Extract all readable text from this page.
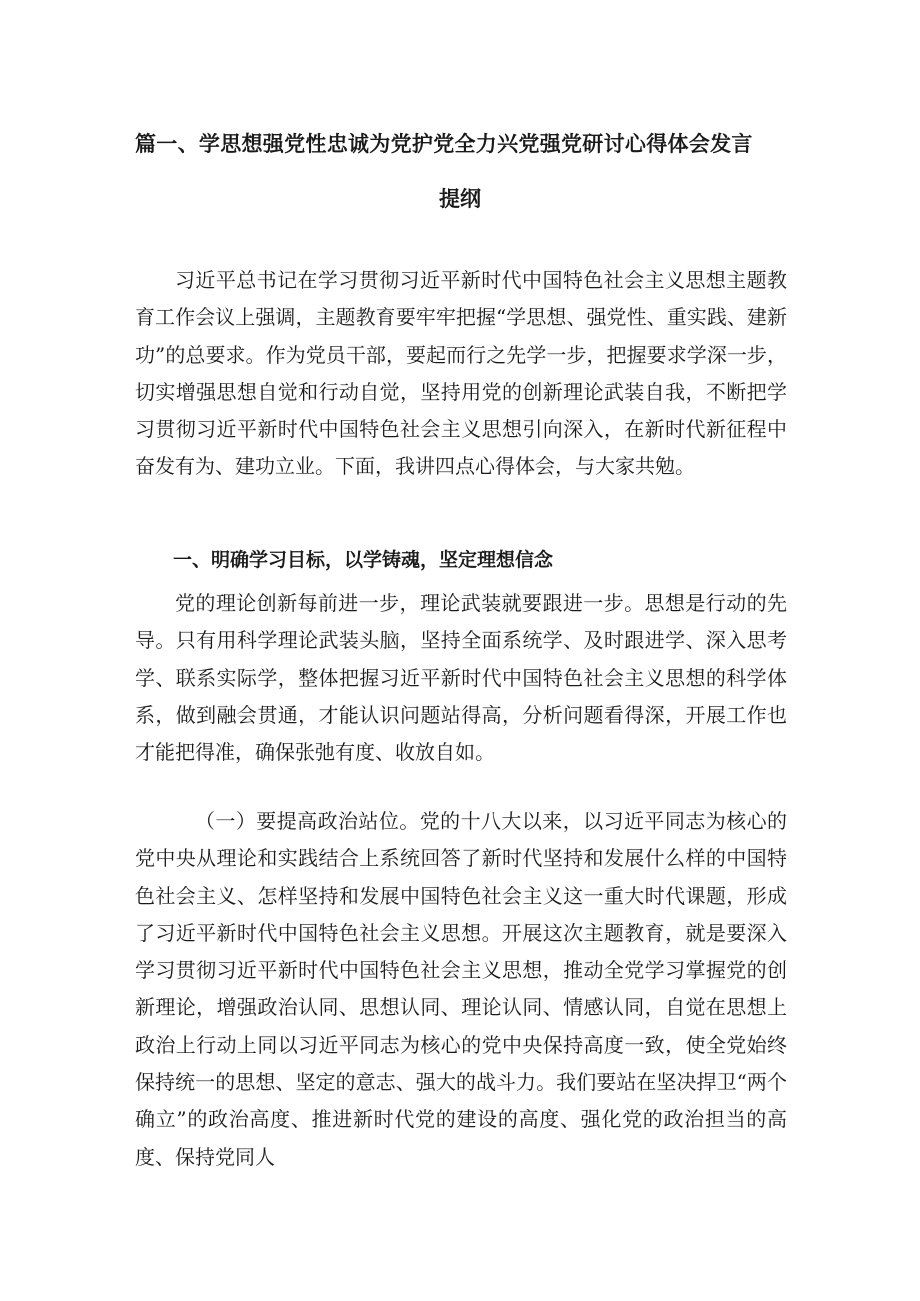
篇一、学思想强党性忠诚为党护党全力兴党强党研讨心得体会发言
提纲

习近平总书记在学习贯彻习近平新时代中国特色社会主义思想主题教育工作会议上强调，主题教育要牢牢把握“学思想、强党性、重实践、建新功”的总要求。作为党员干部，要起而行之先学一步，把握要求学深一步，切实增强思想自觉和行动自觉，坚持用党的创新理论武装自我，不断把学习贯彻习近平新时代中国特色社会主义思想引向深入，在新时代新征程中奋发有为、建功立业。下面，我讲四点心得体会，与大家共勉。

一、明确学习目标，以学铸魂，坚定理想信念

党的理论创新每前进一步，理论武装就要跟进一步。思想是行动的先导。只有用科学理论武装头脑，坚持全面系统学、及时跟进学、深入思考学、联系实际学，整体把握习近平新时代中国特色社会主义思想的科学体系，做到融会贯通，才能认识问题站得高，分析问题看得深，开展工作也才能把得准，确保张弛有度、收放自如。

（一）要提高政治站位。党的十八大以来，以习近平同志为核心的党中央从理论和实践结合上系统回答了新时代坚持和发展什么样的中国特色社会主义、怎样坚持和发展中国特色社会主义这一重大时代课题，形成了习近平新时代中国特色社会主义思想。开展这次主题教育，就是要深入学习贯彻习近平新时代中国特色社会主义思想，推动全党学习掌握党的创新理论，增强政治认同、思想认同、理论认同、情感认同，自觉在思想上政治上行动上同以习近平同志为核心的党中央保持高度一致，使全党始终保持统一的思想、坚定的意志、强大的战斗力。我们要站在坚决捍卫“两个确立”的政治高度、推进新时代党的建设的高度、强化党的政治担当的高度、保持党同人
